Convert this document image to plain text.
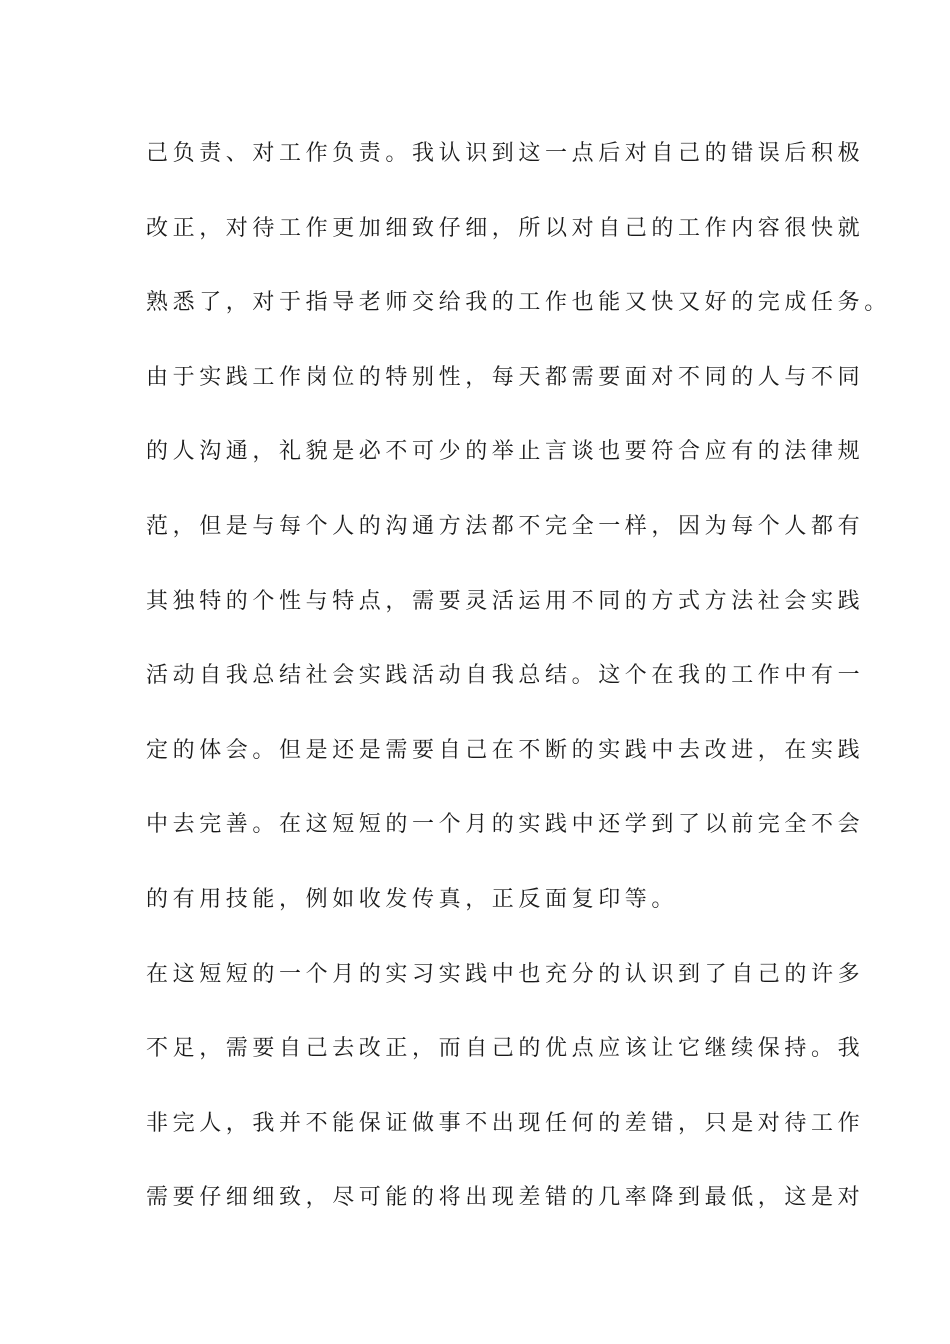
己负责、对工作负责。我认识到这一点后对自己的错误后积极
改正，对待工作更加细致仔细，所以对自己的工作内容很快就
熟悉了，对于指导老师交给我的工作也能又快又好的完成任务。
由于实践工作岗位的特别性，每天都需要面对不同的人与不同
的人沟通，礼貌是必不可少的举止言谈也要符合应有的法律规
范，但是与每个人的沟通方法都不完全一样，因为每个人都有
其独特的个性与特点，需要灵活运用不同的方式方法社会实践
活动自我总结社会实践活动自我总结。这个在我的工作中有一
定的体会。但是还是需要自己在不断的实践中去改进，在实践
中去完善。在这短短的一个月的实践中还学到了以前完全不会
的有用技能，例如收发传真，正反面复印等。
在这短短的一个月的实习实践中也充分的认识到了自己的许多
不足，需要自己去改正，而自己的优点应该让它继续保持。我
非完人，我并不能保证做事不出现任何的差错，只是对待工作
需要仔细细致，尽可能的将出现差错的几率降到最低，这是对
